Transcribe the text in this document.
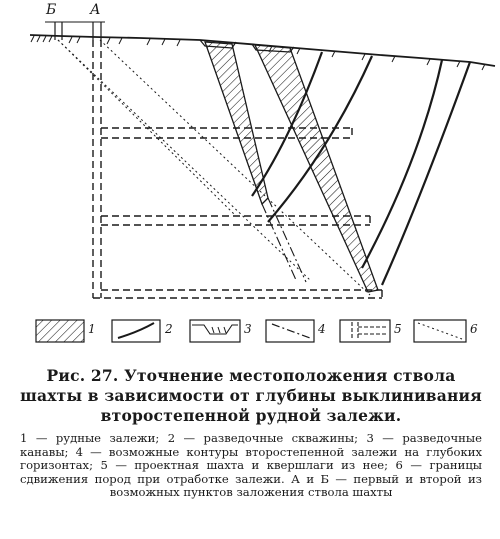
Б А
1	2	3	4	5	6
Рис. 27. Уточнение местоположения ствола шахты в зависимости от глубины выклинивания второстепенной рудной залежи.
1 — рудные залежи; 2 — разведочные скважины; 3 — разведочные канавы; 4 — возможные контуры второстепенной залежи на глубоких горизонтах; 5 — проектная шахта и квершлаги из нее; 6 — границы сдвижения пород при отработке залежи. А и Б — первый и второй из возможных пунктов заложения ствола шахты
